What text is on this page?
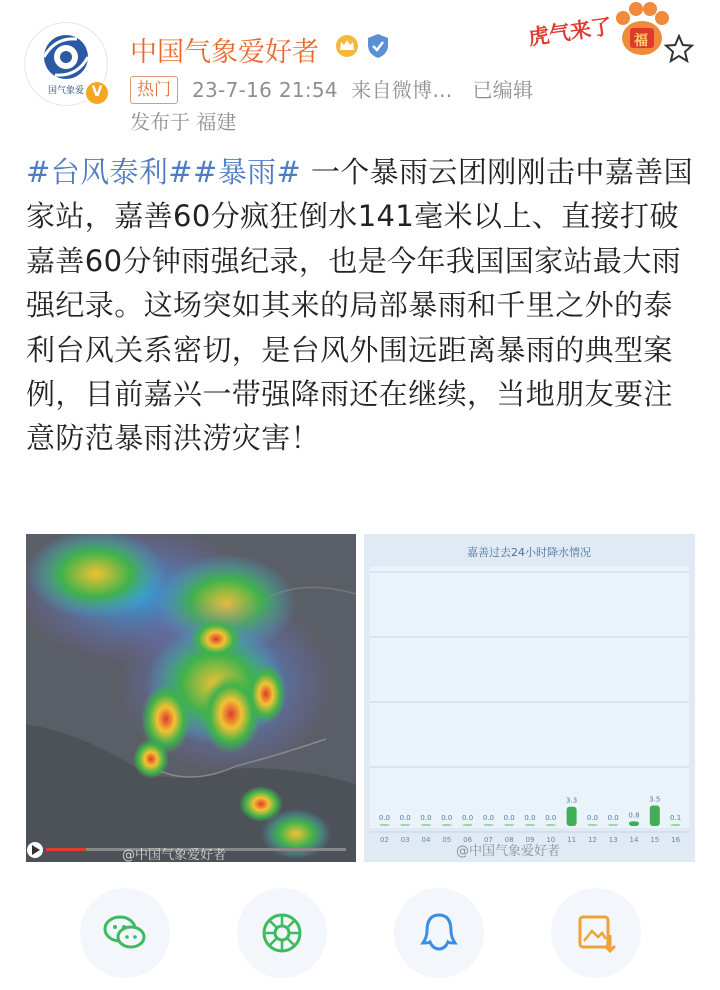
国气象爱 V
中国气象爱好者
热门	23-7-16 21:54 来自微博... 已编辑
发布于 福建
虎气来了 福
#台风泰利##暴雨# 一个暴雨云团刚刚击中嘉善国家站，嘉善60分疯狂倒水141毫米以上、直接打破嘉善60分钟雨强纪录，也是今年我国国家站最大雨强纪录。这场突如其来的局部暴雨和千里之外的泰利台风关系密切，是台风外围远距离暴雨的典型案例，目前嘉兴一带强降雨还在继续，当地朋友要注意防范暴雨洪涝灾害！
@中国气象爱好者
嘉善过去24小时降水情况
0.0 0.0 0.0 0.0 0.0 0.0 0.0 0.0 0.0
3.3
0.0 0.0 0.8
3.5
0.1
02 03 04 05 06 07 08 09 10 11 12 13 14 15 16
@中国气象爱好者
